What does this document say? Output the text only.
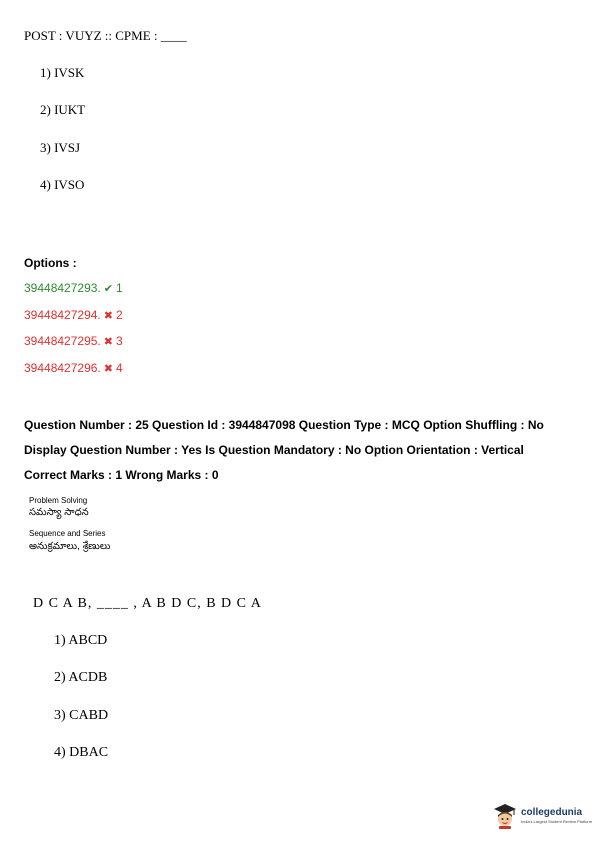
POST : VUYZ :: CPME : ____
1) IVSK
2) IUKT
3) IVSJ
4) IVSO
Options :
39448427293. ✔ 1
39448427294. ✖ 2
39448427295. ✖ 3
39448427296. ✖ 4
Question Number : 25 Question Id : 3944847098 Question Type : MCQ Option Shuffling : No
Display Question Number : Yes Is Question Mandatory : No Option Orientation : Vertical
Correct Marks : 1 Wrong Marks : 0
Problem Solving
సమస్యా సాధన
Sequence and Series
అనుక్రమాలు, శ్రేణులు
D C A B, ____ , A B D C, B D C A
1) ABCD
2) ACDB
3) CABD
4) DBAC
collegedunia
India's Largest Student Review Platform
